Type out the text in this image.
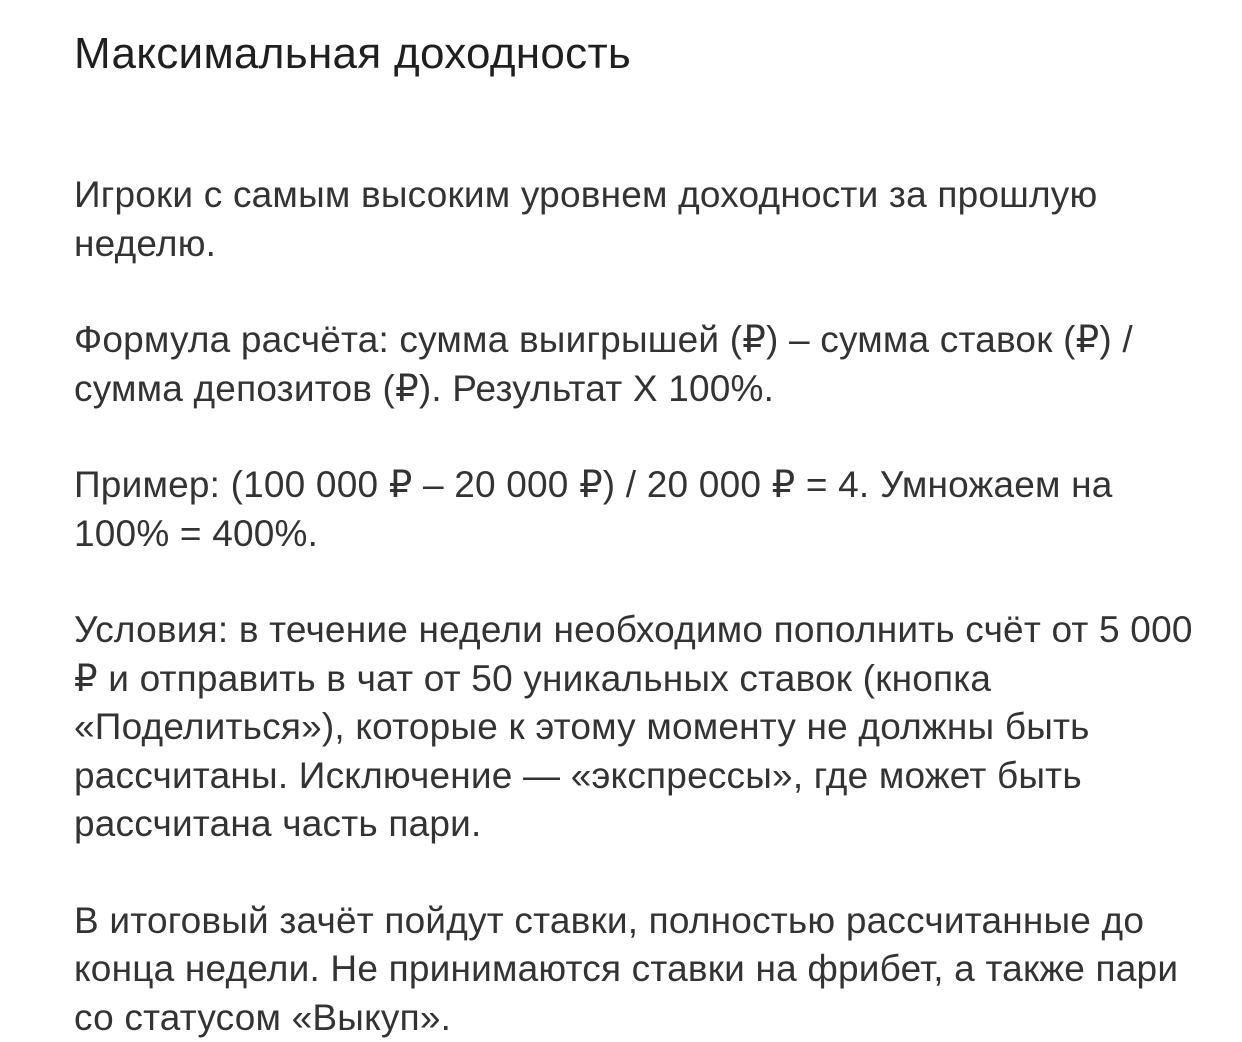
Максимальная доходность

Игроки с самым высоким уровнем доходности за прошлую неделю.

Формула расчёта: сумма выигрышей (₽) – сумма ставок (₽) / сумма депозитов (₽). Результат Х 100%.

Пример: (100 000 ₽ – 20 000 ₽) / 20 000 ₽ = 4. Умножаем на 100% = 400%.

Условия: в течение недели необходимо пополнить счёт от 5 000 ₽ и отправить в чат от 50 уникальных ставок (кнопка «Поделиться»), которые к этому моменту не должны быть рассчитаны. Исключение — «экспрессы», где может быть рассчитана часть пари.

В итоговый зачёт пойдут ставки, полностью рассчитанные до конца недели. Не принимаются ставки на фрибет, а также пари со статусом «Выкуп».
